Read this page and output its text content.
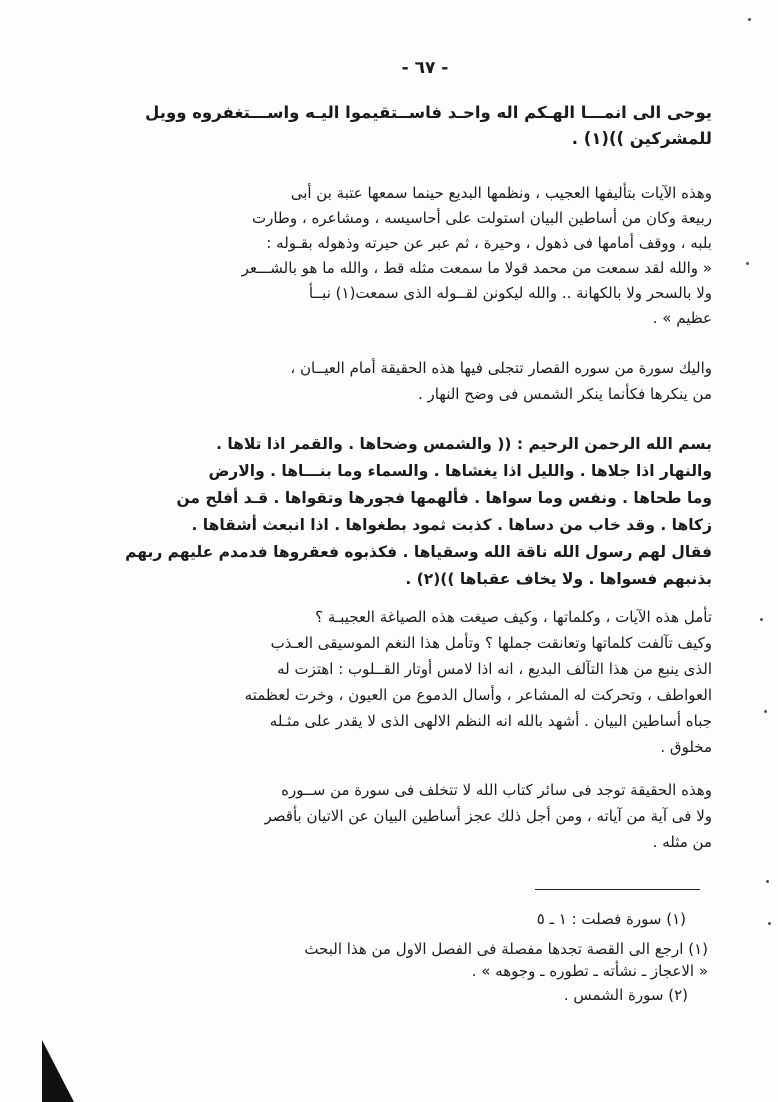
- ٦٧ -
يوحى الى انمـــا الهـكم اله واحـد فاســتقيموا اليـه واســـتغفروه وويل
للمشركين ))(١) .
وهذه الآيات بتأليفها العجيب ، ونظمها البديع حينما سمعها عتبة بن أبى
ربيعة وكان من أساطين البيان استولت على أحاسيسه ، ومشاعره ، وطارت
بلبه ، ووقف أمامها فى ذهول ، وحيرة ، ثم عبر عن حيرته وذهوله بقـوله :
« والله لقد سمعت من محمد قولا ما سمعت مثله قط ، والله ما هو بالشـــعر
ولا بالسحر ولا بالكهانة .. والله ليكونن لقــوله الذى سمعت(١) نبــأ
عظيم » .
واليك سورة من سوره القصار تتجلى فيها هذه الحقيقة أمام العيــان ،
من ينكرها فكأنما ينكر الشمس فى وضح النهار .
بسم الله الرحمن الرحيم : (( والشمس وضحاها . والقمر اذا تلاها .
والنهار اذا جلاها . والليل اذا يغشاها . والسماء وما بنـــاها . والارض
وما طحاها . ونفس وما سواها . فألهمها فجورها وتقواها . قـد أفلح من
زكاها . وقد خاب من دساها . كذبت ثمود بطغواها . اذا انبعث أشقاها .
فقال لهم رسول الله ناقة الله وسقياها . فكذبوه فعقروها فدمدم عليهم ربهم
بذنبهم فسواها . ولا يخاف عقباها ))(٢) .
تأمل هذه الآيات ، وكلماتها ، وكيف صيغت هذه الصياغة العجيبـة ؟
وكيف تآلفت كلماتها وتعانقت جملها ؟ وتأمل هذا النغم الموسيقى العـذب
الذى ينبع من هذا التآلف البديع ، انه اذا لامس أوتار القــلوب : اهتزت له
العواطف ، وتحركت له المشاعر ، وأسال الدموع من العيون ، وخرت لعظمته
جباه أساطين البيان . أشهد بالله انه النظم الالهى الذى لا يقدر على مثـله
مخلوق .
وهذه الحقيقة توجد فى سائر كتاب الله لا تتخلف فى سورة من ســوره
ولا فى آية من آياته ، ومن أجل ذلك عجز أساطين البيان عن الاتيان بأقصر
من مثله .
(١) سورة فصلت : ١ ـ ٥
(١) ارجع الى القصة تجدها مفصلة فى الفصل الاول من هذا البحث
« الاعجاز ـ نشأته ـ تطوره ـ وجوهه » .
(٢) سورة الشمس .
